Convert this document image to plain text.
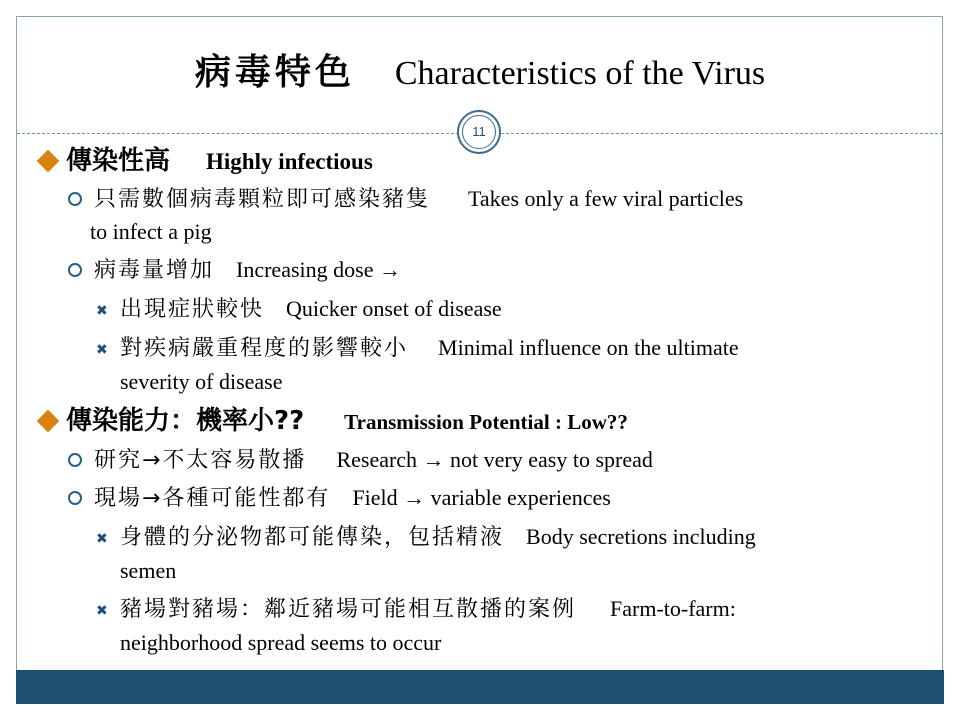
病毒特色 Characteristics of the Virus
11
傳染性高 Highly infectious
只需數個病毒顆粒即可感染豬隻 Takes only a few viral particles
to infect a pig
病毒量增加 Increasing dose →
✖ 出現症狀較快 Quicker onset of disease
✖ 對疾病嚴重程度的影響較小 Minimal influence on the ultimate
severity of disease
傳染能力：機率小?? Transmission Potential : Low??
研究→不太容易散播 Research → not very easy to spread
現場→各種可能性都有 Field → variable experiences
✖ 身體的分泌物都可能傳染，包括精液 Body secretions including
semen
✖ 豬場對豬場：鄰近豬場可能相互散播的案例 Farm-to-farm:
neighborhood spread seems to occur
